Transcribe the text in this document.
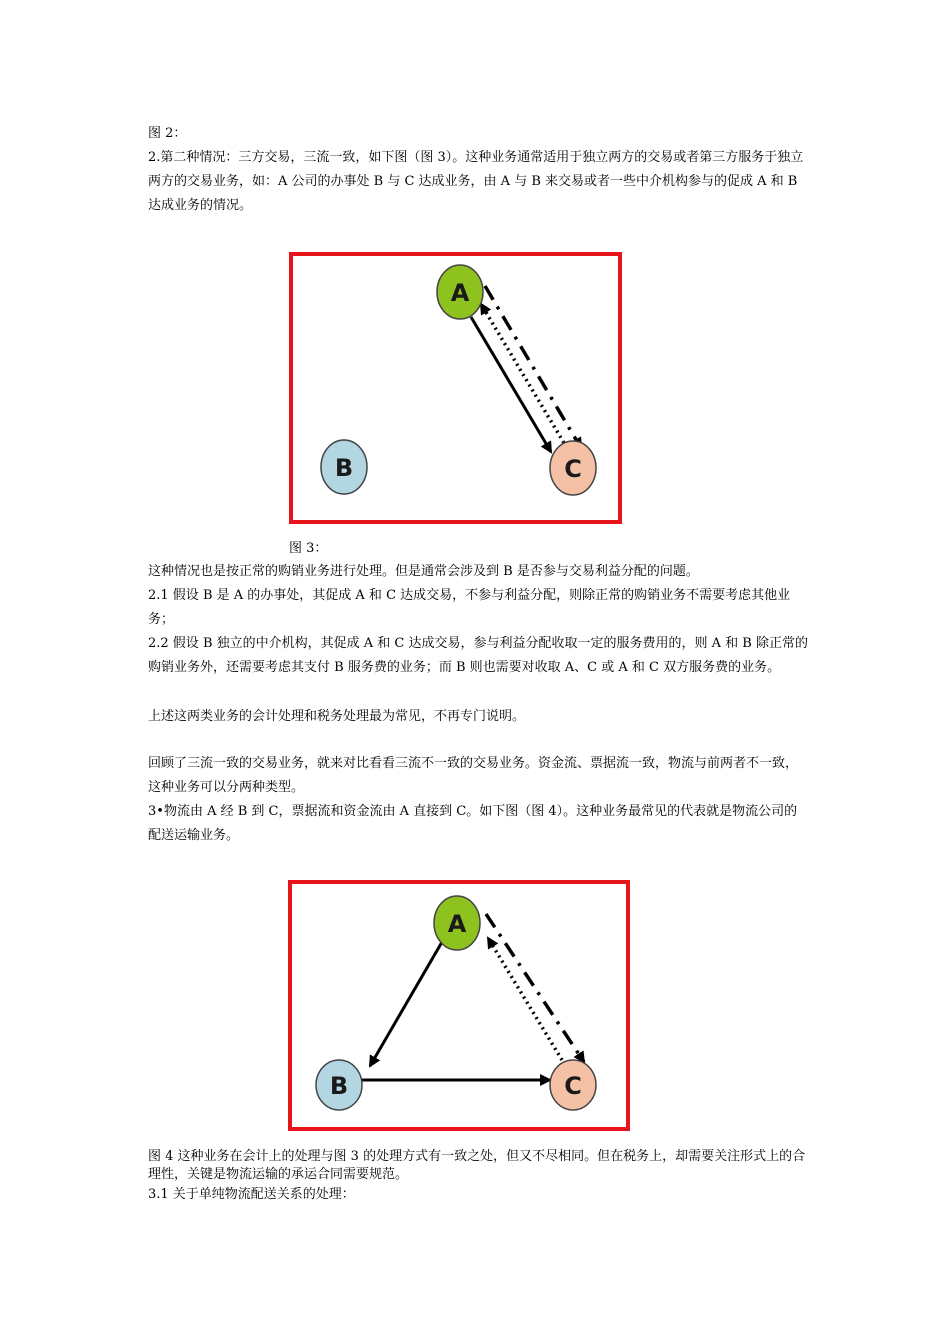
图 2：

2.第二种情况：三方交易，三流一致，如下图（图 3）。这种业务通常适用于独立两方的交易或者第三方服务于独立两方的交易业务，如：A 公司的办事处 B 与 C 达成业务，由 A 与 B 来交易或者一些中介机构参与的促成 A 和 B 达成业务的情况。

A
B	C

图 3：

这种情况也是按正常的购销业务进行处理。但是通常会涉及到 B 是否参与交易利益分配的问题。

2.1 假设 B 是 A 的办事处，其促成 A 和 C 达成交易，不参与利益分配，则除正常的购销业务不需要考虑其他业务；

2.2 假设 B 独立的中介机构，其促成 A 和 C 达成交易，参与利益分配收取一定的服务费用的，则 A 和 B 除正常的购销业务外，还需要考虑其支付 B 服务费的业务；而 B 则也需要对收取 A、C 或 A 和 C 双方服务费的业务。

上述这两类业务的会计处理和税务处理最为常见，不再专门说明。

回顾了三流一致的交易业务，就来对比看看三流不一致的交易业务。资金流、票据流一致，物流与前两者不一致，这种业务可以分两种类型。

3•物流由 A 经 B 到 C，票据流和资金流由 A 直接到 C。如下图（图 4）。这种业务最常见的代表就是物流公司的配送运输业务。

A
B	C

图 4 这种业务在会计上的处理与图 3 的处理方式有一致之处，但又不尽相同。但在税务上，却需要关注形式上的合理性，关键是物流运输的承运合同需要规范。

3.1 关于单纯物流配送关系的处理：
